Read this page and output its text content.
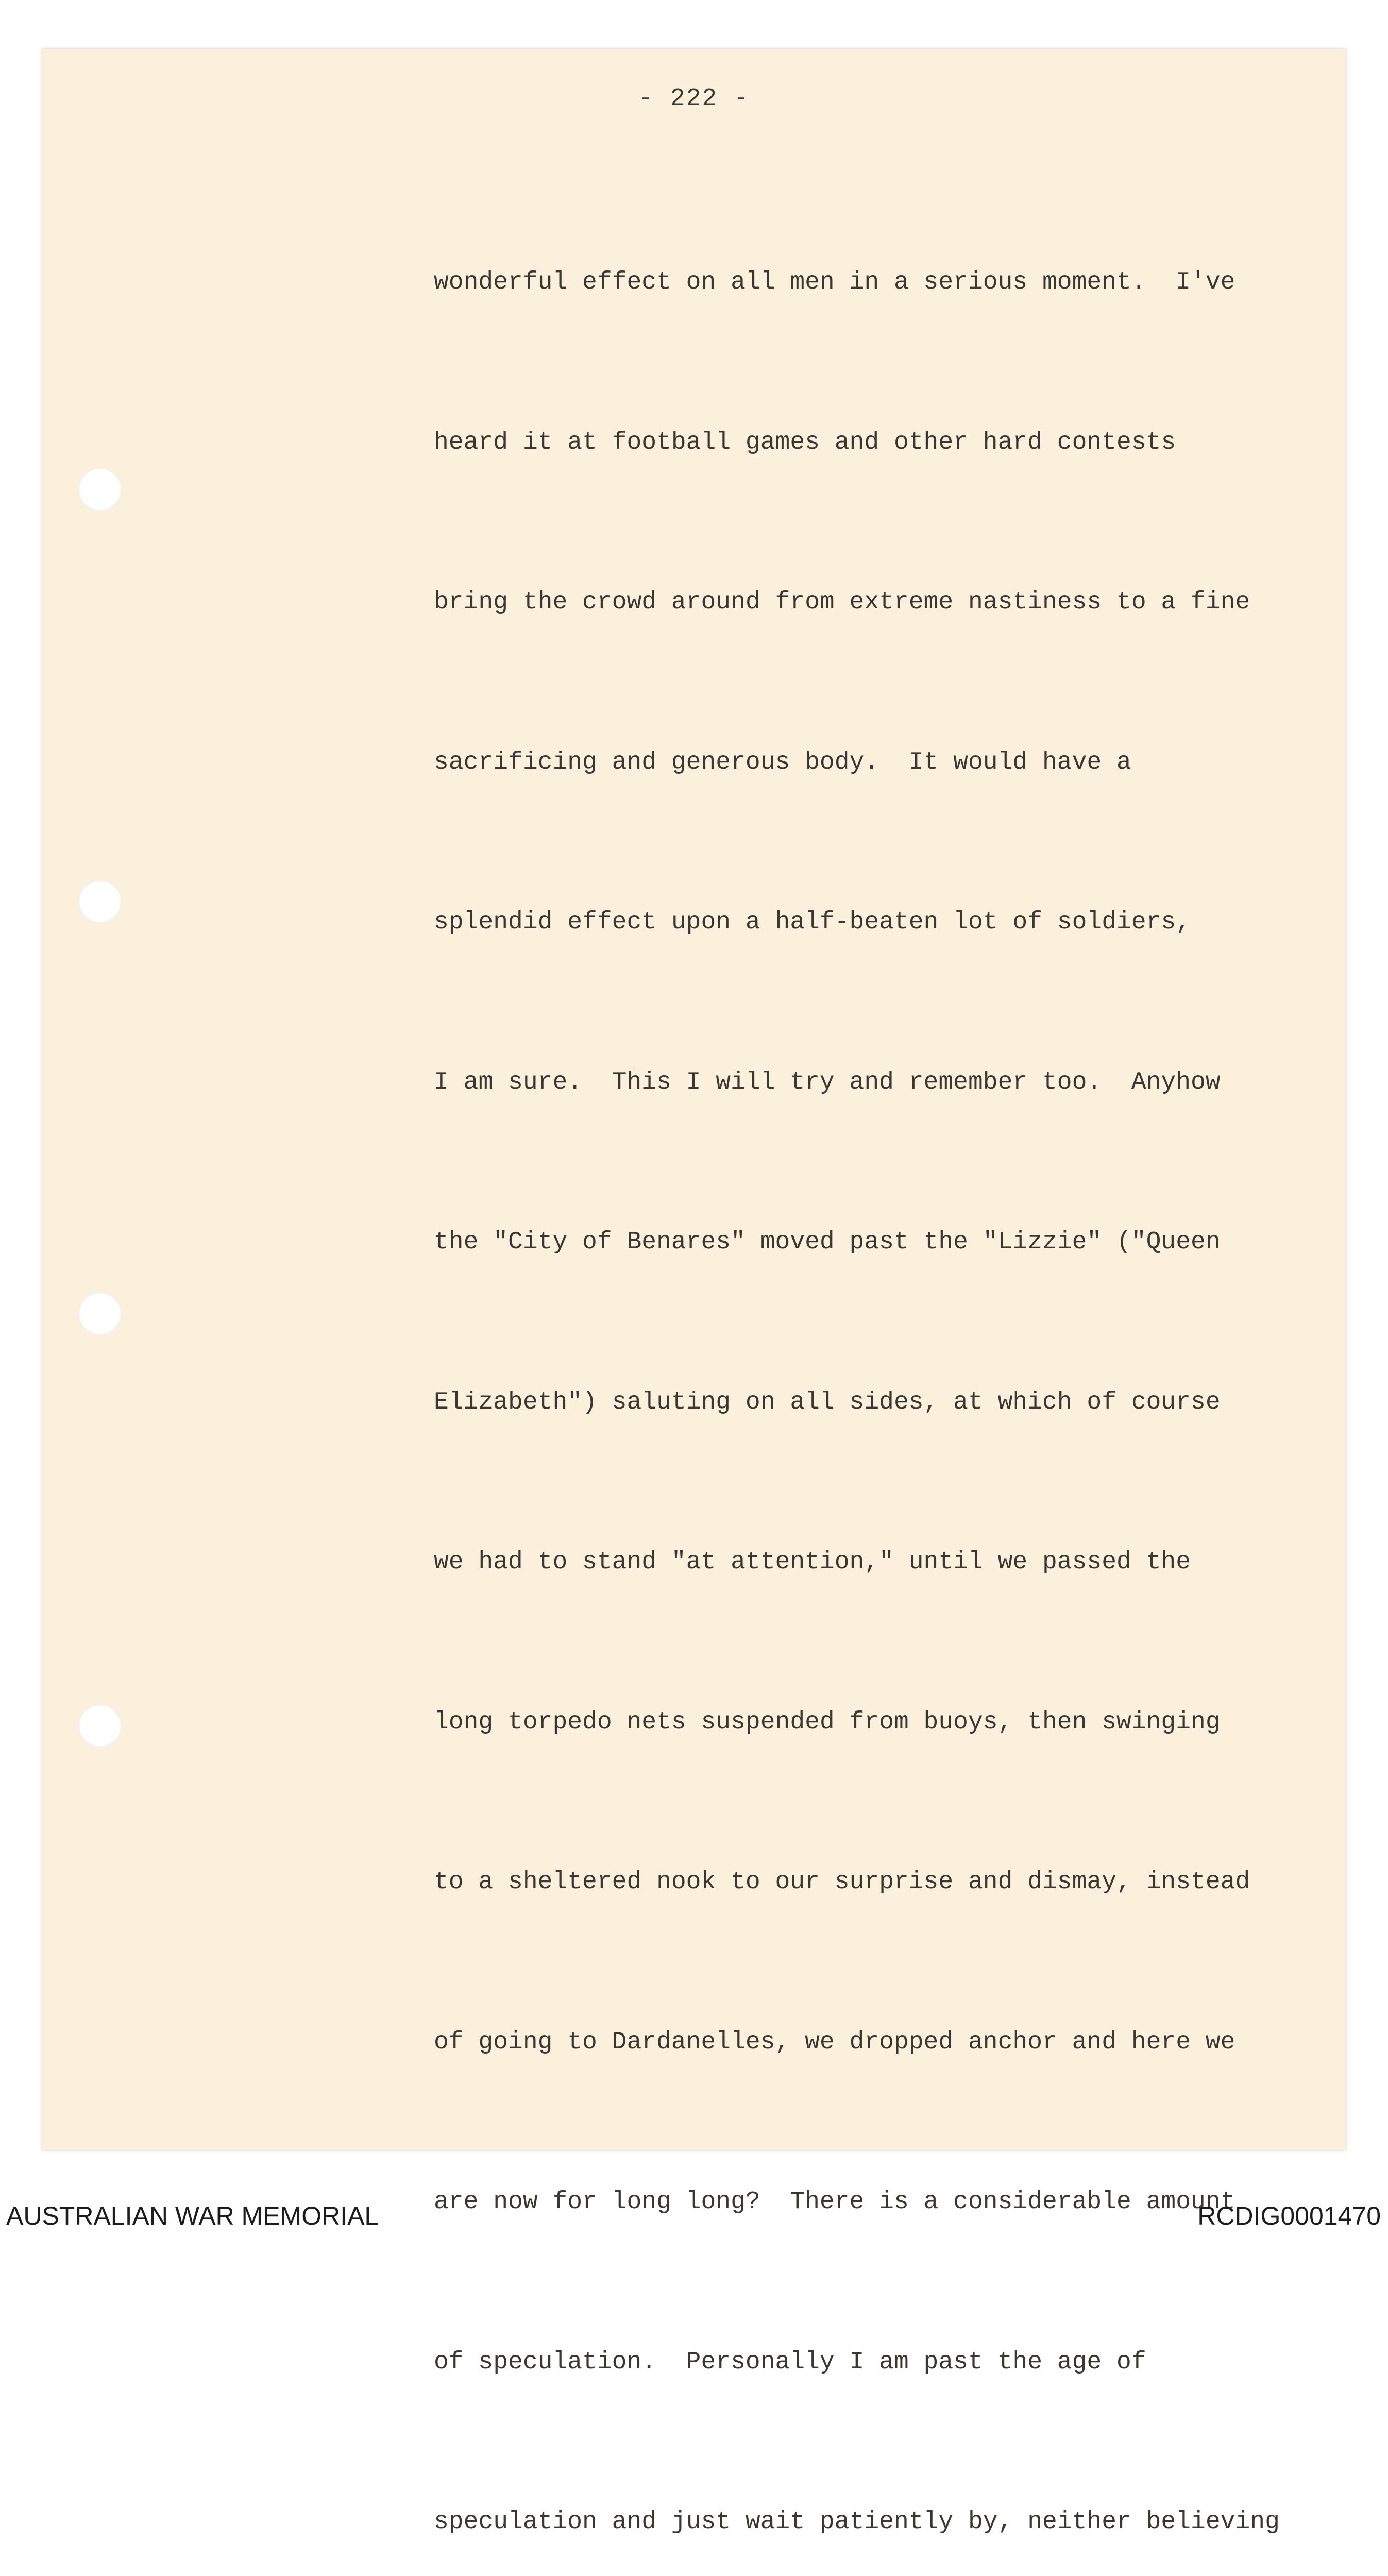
- 222 -

wonderful effect on all men in a serious moment.  I've

heard it at football games and other hard contests

bring the crowd around from extreme nastiness to a fine

sacrificing and generous body.  It would have a

splendid effect upon a half-beaten lot of soldiers,

I am sure.  This I will try and remember too.  Anyhow

the "City of Benares" moved past the "Lizzie" ("Queen

Elizabeth") saluting on all sides, at which of course

we had to stand "at attention," until we passed the

long torpedo nets suspended from buoys, then swinging

to a sheltered nook to our surprise and dismay, instead

of going to Dardanelles, we dropped anchor and here we

are now for long long?  There is a considerable amount

of speculation.  Personally I am past the age of

speculation and just wait patiently by, neither believing

AUSTRALIAN WAR MEMORIAL	RCDIG0001470
